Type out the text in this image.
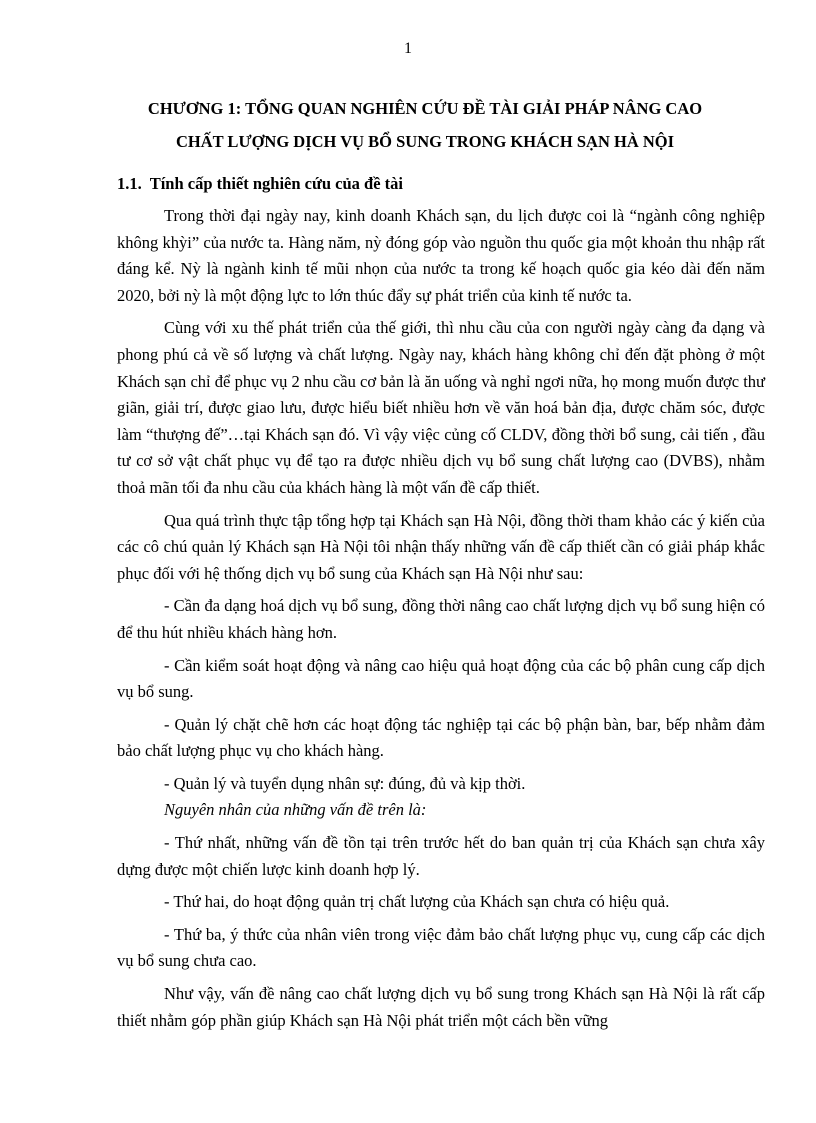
1
CHƯƠNG 1: TỔNG QUAN NGHIÊN CỨU ĐỀ TÀI GIẢI PHÁP NÂNG CAO
CHẤT LƯỢNG DỊCH VỤ BỔ SUNG TRONG KHÁCH SẠN HÀ NỘI
1.1. Tính cấp thiết nghiên cứu của đề tài

Trong thời đại ngày nay, kinh doanh Khách sạn, du lịch được coi là “ngành công nghiệp không khỳi” của nước ta. Hàng năm, nỳ đóng góp vào nguồn thu quốc gia một khoản thu nhập rất đáng kể. Nỳ là ngành kinh tế mũi nhọn của nước ta trong kế hoạch quốc gia kéo dài đến năm 2020, bởi nỳ là một động lực to lớn thúc đẩy sự phát triển của kinh tế nước ta.

Cùng với xu thế phát triển của thế giới, thì nhu cầu của con người ngày càng đa dạng và phong phú cả về số lượng và chất lượng. Ngày nay, khách hàng không chỉ đến đặt phòng ở một Khách sạn chỉ để phục vụ 2 nhu cầu cơ bản là ăn uống và nghỉ ngơi nữa, họ mong muốn được thư giãn, giải trí, được giao lưu, được hiểu biết nhiều hơn về văn hoá bản địa, được chăm sóc, được làm “thượng đế”…tại Khách sạn đó. Vì vậy việc củng cố CLDV, đồng thời bổ sung, cải tiến , đầu tư cơ sở vật chất phục vụ để tạo ra được nhiều dịch vụ bổ sung chất lượng cao (DVBS), nhằm thoả mãn tối đa nhu cầu của khách hàng là một vấn đề cấp thiết.

Qua quá trình thực tập tổng hợp tại Khách sạn Hà Nội, đồng thời tham khảo các ý kiến của các cô chú quản lý Khách sạn Hà Nội tôi nhận thấy những vấn đề cấp thiết cần có giải pháp khắc phục đối với hệ thống dịch vụ bổ sung của Khách sạn Hà Nội như sau:

- Cần đa dạng hoá dịch vụ bổ sung, đồng thời nâng cao chất lượng dịch vụ bổ sung hiện có để thu hút nhiều khách hàng hơn.

- Cần kiểm soát hoạt động và nâng cao hiệu quả hoạt động của các bộ phân cung cấp dịch vụ bổ sung.

- Quản lý chặt chẽ hơn các hoạt động tác nghiệp tại các bộ phận bàn, bar, bếp nhằm đảm bảo chất lượng phục vụ cho khách hàng.

- Quản lý và tuyển dụng nhân sự: đúng, đủ và kịp thời.

Nguyên nhân của những vấn đề trên là:

- Thứ nhất, những vấn đề tồn tại trên trước hết do ban quản trị của Khách sạn chưa xây dựng được một chiến lược kinh doanh hợp lý.

- Thứ hai, do hoạt động quản trị chất lượng của Khách sạn chưa có hiệu quả.

- Thứ ba, ý thức của nhân viên trong việc đảm bảo chất lượng phục vụ, cung cấp các dịch vụ bổ sung chưa cao.

Như vậy, vấn đề nâng cao chất lượng dịch vụ bổ sung trong Khách sạn Hà Nội là rất cấp thiết nhằm góp phần giúp Khách sạn Hà Nội phát triển một cách bền vững
